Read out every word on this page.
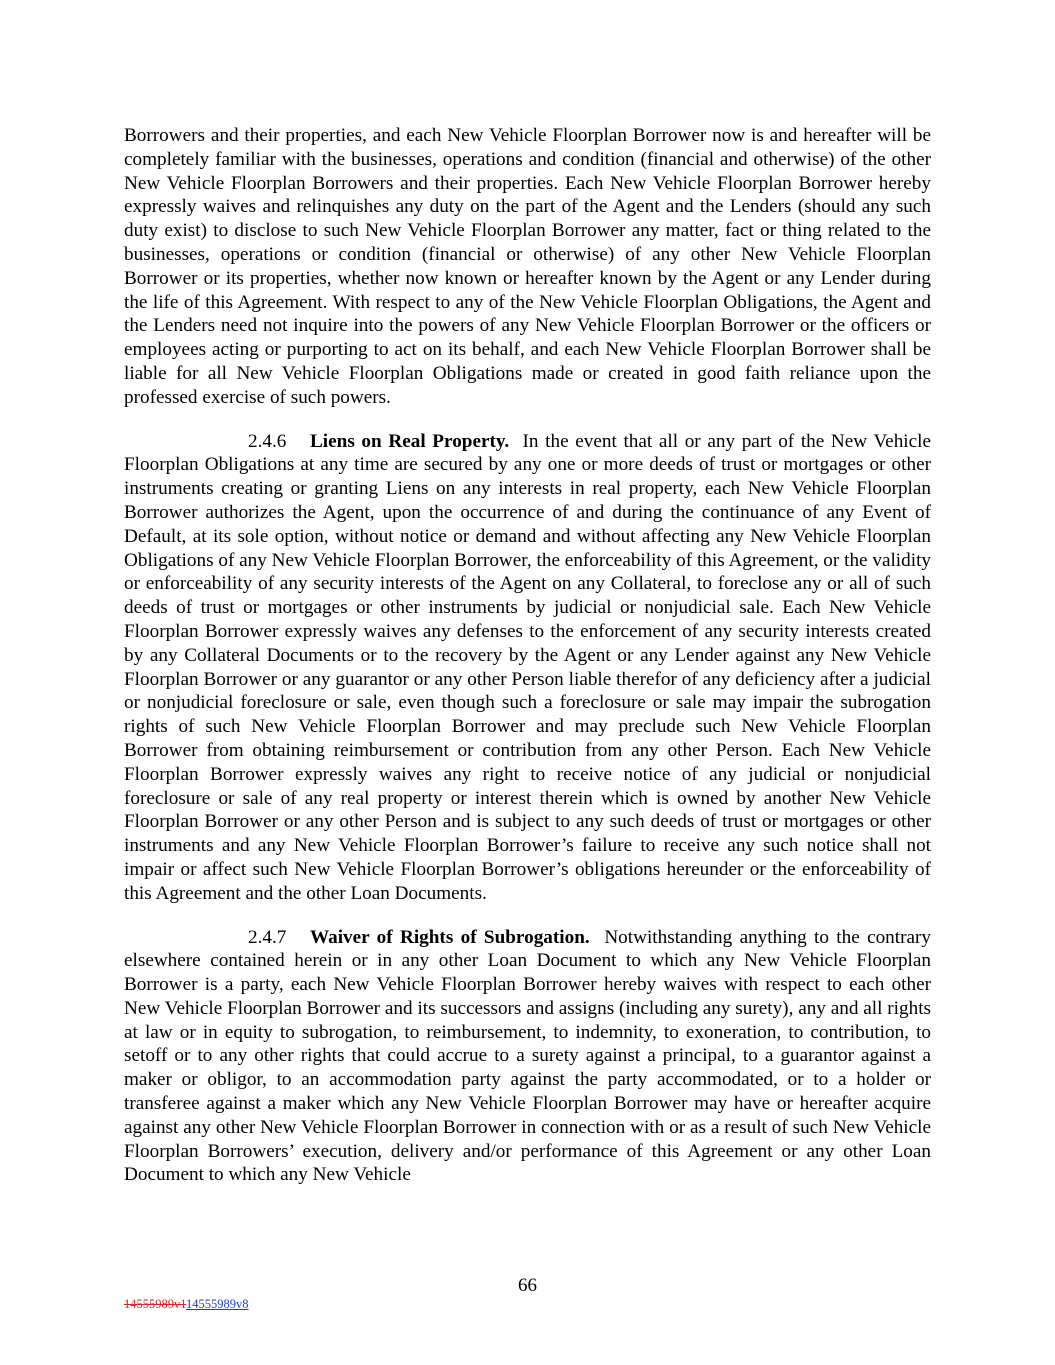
Borrowers and their properties, and each New Vehicle Floorplan Borrower now is and hereafter will be completely familiar with the businesses, operations and condition (financial and otherwise) of the other New Vehicle Floorplan Borrowers and their properties. Each New Vehicle Floorplan Borrower hereby expressly waives and relinquishes any duty on the part of the Agent and the Lenders (should any such duty exist) to disclose to such New Vehicle Floorplan Borrower any matter, fact or thing related to the businesses, operations or condition (financial or otherwise) of any other New Vehicle Floorplan Borrower or its properties, whether now known or hereafter known by the Agent or any Lender during the life of this Agreement. With respect to any of the New Vehicle Floorplan Obligations, the Agent and the Lenders need not inquire into the powers of any New Vehicle Floorplan Borrower or the officers or employees acting or purporting to act on its behalf, and each New Vehicle Floorplan Borrower shall be liable for all New Vehicle Floorplan Obligations made or created in good faith reliance upon the professed exercise of such powers.

2.4.6 Liens on Real Property. In the event that all or any part of the New Vehicle Floorplan Obligations at any time are secured by any one or more deeds of trust or mortgages or other instruments creating or granting Liens on any interests in real property, each New Vehicle Floorplan Borrower authorizes the Agent, upon the occurrence of and during the continuance of any Event of Default, at its sole option, without notice or demand and without affecting any New Vehicle Floorplan Obligations of any New Vehicle Floorplan Borrower, the enforceability of this Agreement, or the validity or enforceability of any security interests of the Agent on any Collateral, to foreclose any or all of such deeds of trust or mortgages or other instruments by judicial or nonjudicial sale. Each New Vehicle Floorplan Borrower expressly waives any defenses to the enforcement of any security interests created by any Collateral Documents or to the recovery by the Agent or any Lender against any New Vehicle Floorplan Borrower or any guarantor or any other Person liable therefor of any deficiency after a judicial or nonjudicial foreclosure or sale, even though such a foreclosure or sale may impair the subrogation rights of such New Vehicle Floorplan Borrower and may preclude such New Vehicle Floorplan Borrower from obtaining reimbursement or contribution from any other Person. Each New Vehicle Floorplan Borrower expressly waives any right to receive notice of any judicial or nonjudicial foreclosure or sale of any real property or interest therein which is owned by another New Vehicle Floorplan Borrower or any other Person and is subject to any such deeds of trust or mortgages or other instruments and any New Vehicle Floorplan Borrower’s failure to receive any such notice shall not impair or affect such New Vehicle Floorplan Borrower’s obligations hereunder or the enforceability of this Agreement and the other Loan Documents.

2.4.7 Waiver of Rights of Subrogation. Notwithstanding anything to the contrary elsewhere contained herein or in any other Loan Document to which any New Vehicle Floorplan Borrower is a party, each New Vehicle Floorplan Borrower hereby waives with respect to each other New Vehicle Floorplan Borrower and its successors and assigns (including any surety), any and all rights at law or in equity to subrogation, to reimbursement, to indemnity, to exoneration, to contribution, to setoff or to any other rights that could accrue to a surety against a principal, to a guarantor against a maker or obligor, to an accommodation party against the party accommodated, or to a holder or transferee against a maker which any New Vehicle Floorplan Borrower may have or hereafter acquire against any other New Vehicle Floorplan Borrower in connection with or as a result of such New Vehicle Floorplan Borrowers’ execution, delivery and/or performance of this Agreement or any other Loan Document to which any New Vehicle

66
14555989v114555989v8
